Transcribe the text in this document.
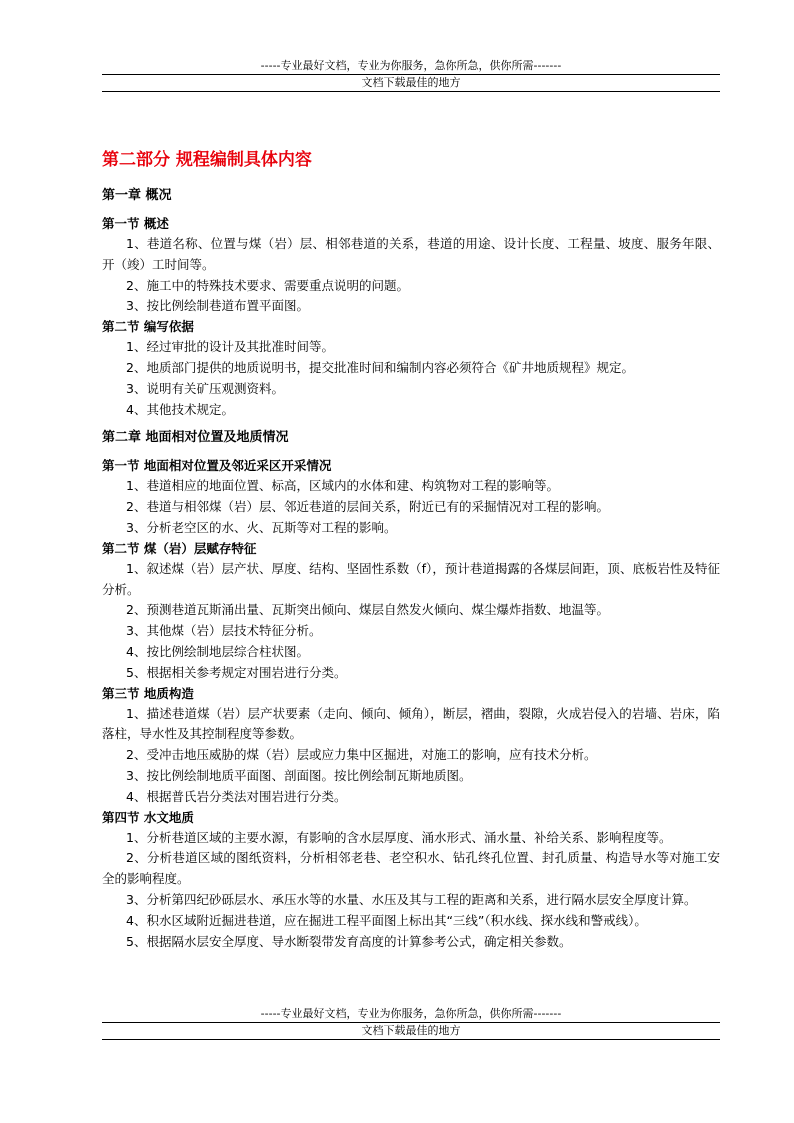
-----专业最好文档，专业为你服务，急你所急，供你所需-------
文档下载最佳的地方
第二部分 规程编制具体内容
第一章 概况
第一节 概述

1、巷道名称、位置与煤（岩）层、相邻巷道的关系，巷道的用途、设计长度、工程量、坡度、服务年限、开（竣）工时间等。

2、施工中的特殊技术要求、需要重点说明的问题。

3、按比例绘制巷道布置平面图。

第二节 编写依据

1、经过审批的设计及其批准时间等。

2、地质部门提供的地质说明书，提交批准时间和编制内容必须符合《矿井地质规程》规定。

3、说明有关矿压观测资料。

4、其他技术规定。

第二章 地面相对位置及地质情况
第一节 地面相对位置及邻近采区开采情况

1、巷道相应的地面位置、标高，区域内的水体和建、构筑物对工程的影响等。

2、巷道与相邻煤（岩）层、邻近巷道的层间关系，附近已有的采掘情况对工程的影响。

3、分析老空区的水、火、瓦斯等对工程的影响。

第二节 煤（岩）层赋存特征

1、叙述煤（岩）层产状、厚度、结构、坚固性系数（f），预计巷道揭露的各煤层间距，顶、底板岩性及特征分析。

2、预测巷道瓦斯涌出量、瓦斯突出倾向、煤层自然发火倾向、煤尘爆炸指数、地温等。

3、其他煤（岩）层技术特征分析。

4、按比例绘制地层综合柱状图。

5、根据相关参考规定对围岩进行分类。

第三节 地质构造

1、描述巷道煤（岩）层产状要素（走向、倾向、倾角），断层，褶曲，裂隙，火成岩侵入的岩墙、岩床，陷落柱，导水性及其控制程度等参数。

2、受冲击地压威胁的煤（岩）层或应力集中区掘进，对施工的影响，应有技术分析。

3、按比例绘制地质平面图、剖面图。按比例绘制瓦斯地质图。

4、根据普氏岩分类法对围岩进行分类。

第四节 水文地质

1、分析巷道区域的主要水源，有影响的含水层厚度、涌水形式、涌水量、补给关系、影响程度等。

2、分析巷道区域的图纸资料，分析相邻老巷、老空积水、钻孔终孔位置、封孔质量、构造导水等对施工安全的影响程度。

3、分析第四纪砂砾层水、承压水等的水量、水压及其与工程的距离和关系，进行隔水层安全厚度计算。

4、积水区域附近掘进巷道，应在掘进工程平面图上标出其“三线”（积水线、探水线和警戒线）。

5、根据隔水层安全厚度、导水断裂带发育高度的计算参考公式，确定相关参数。

-----专业最好文档，专业为你服务，急你所急，供你所需-------
文档下载最佳的地方
